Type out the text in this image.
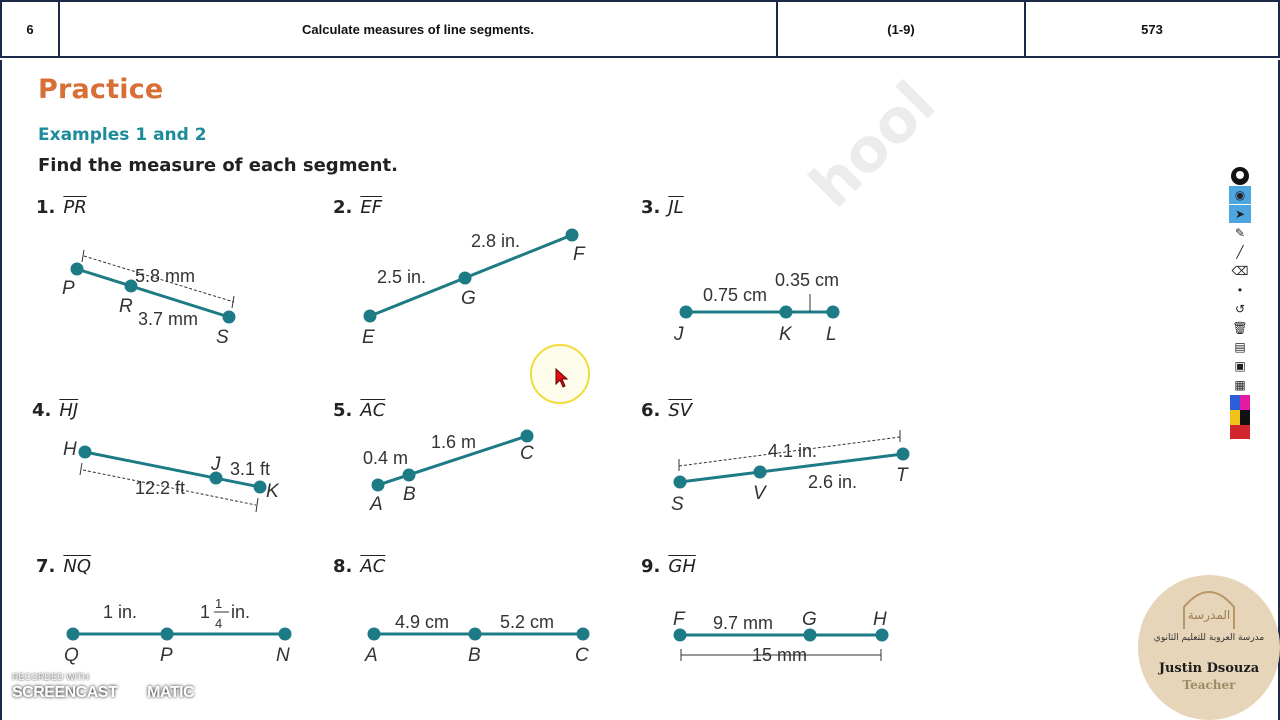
6	Calculate measures of line segments.	(1-9)	573
hool
Practice
Examples 1 and 2
Find the measure of each segment.
1. $\overline{PR}$	2. $\overline{EF}$	3. $\overline{JL}$
4. $\overline{HJ}$	5. $\overline{AC}$	6. $\overline{SV}$
7. $\overline{NQ}$	8. $\overline{AC}$	9. $\overline{GH}$
5.8 mm
3.7 mm
P
R
S
2.8 in.
2.5 in.
E
G
F
0.75 cm
0.35 cm
J	K L
3.1 ft
12.2 ft
H
J
K
0.4 m
1.6 m
A B
C	4.1 in.
2.6 in.
S
V
T
1 in.	1 1
4
in.
Q	P	N
4.9 cm	5.2 cm
A	B	C
9.7 mm
15 mm
F	G	H
◉
➤
✎
╱
⌫
•
↺
🗑
▤
▣
▦
RECORDED WITH
SCREENCAST MATIC
المدرسة
مدرسة العروبة للتعليم الثانوي
Justin Dsouza
Teacher
